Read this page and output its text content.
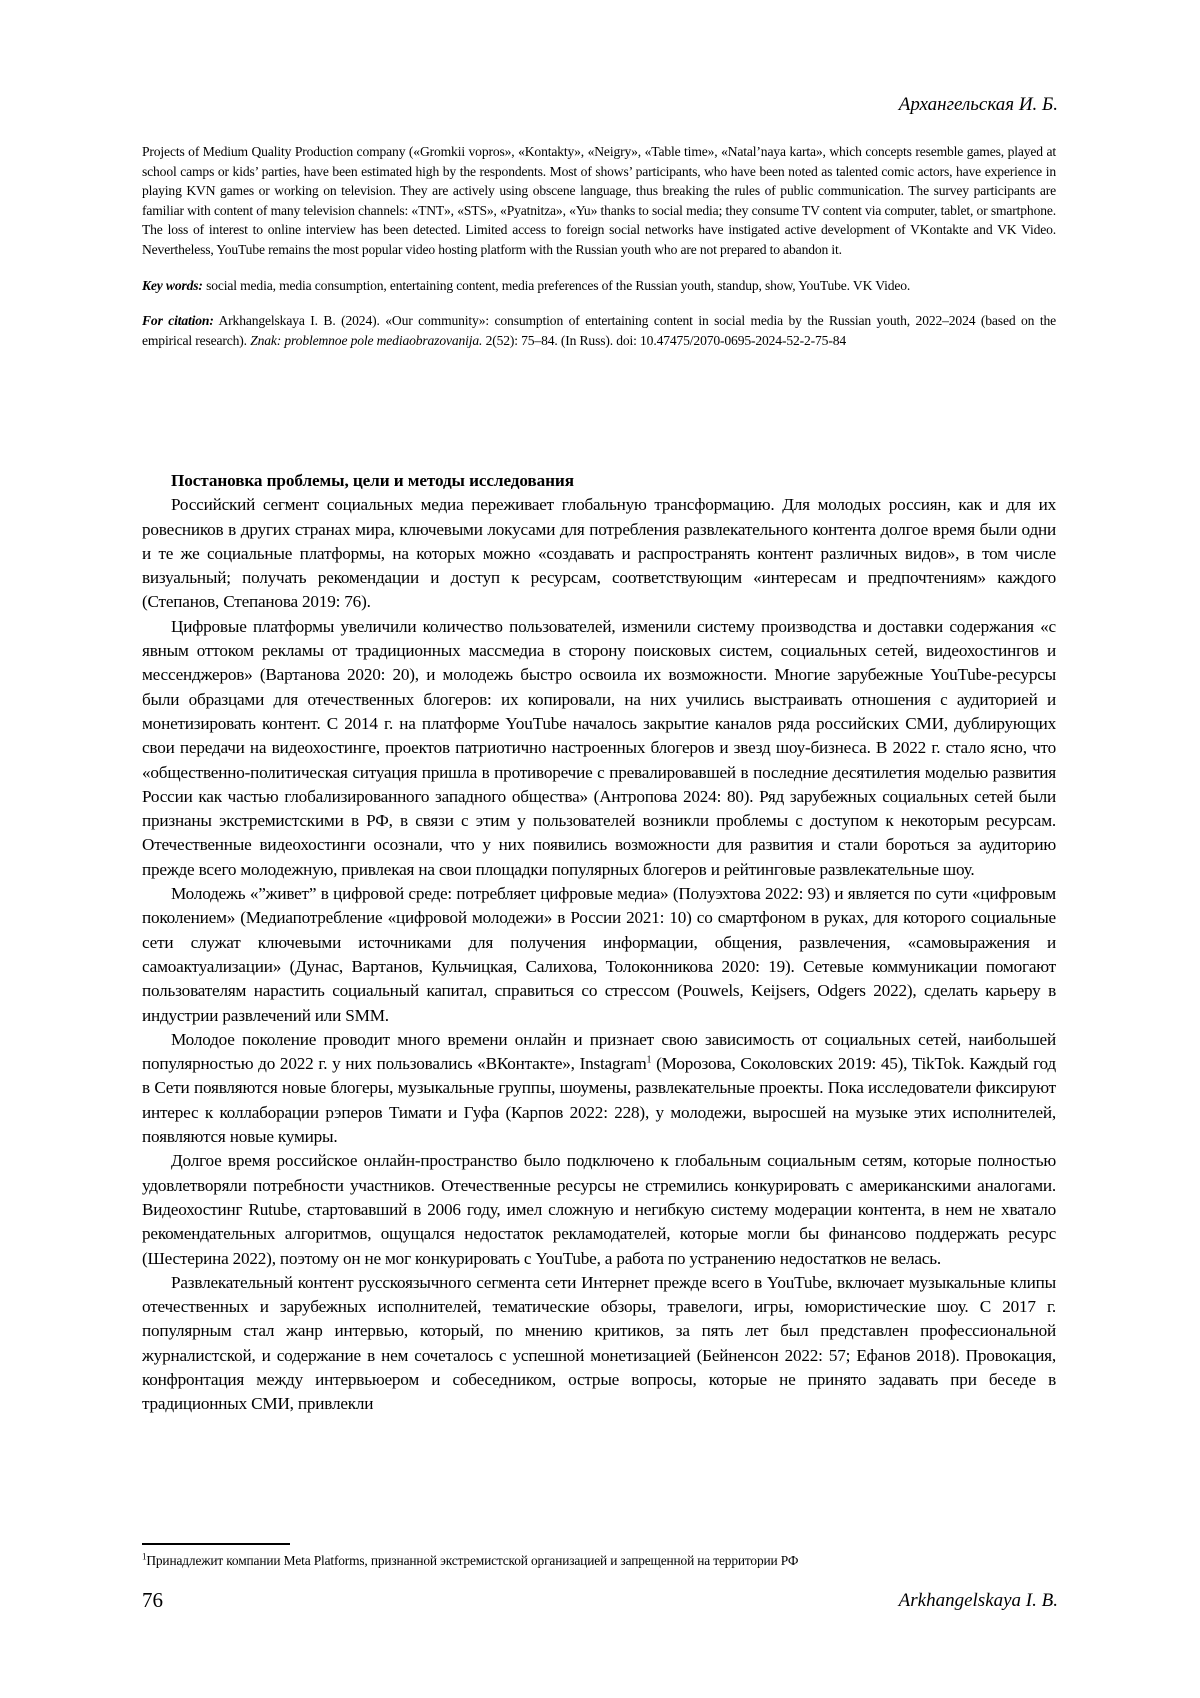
Архангельская И. Б.

Projects of Medium Quality Production company («Gromkii vopros», «Kontakty», «Neigry», «Table time», «Natal’naya karta», which concepts resemble games, played at school camps or kids’ parties, have been estimated high by the respondents. Most of shows’ participants, who have been noted as talented comic actors, have experience in playing KVN games or working on television. They are actively using obscene language, thus breaking the rules of public communication. The survey participants are familiar with content of many television channels: «TNT», «STS», «Pyatnitza», «Yu» thanks to social media; they consume TV content via computer, tablet, or smartphone. The loss of interest to online interview has been detected. Limited access to foreign social networks have instigated active development of VKontakte and VK Video. Nevertheless, YouTube remains the most popular video hosting platform with the Russian youth who are not prepared to abandon it.

Key words: social media, media consumption, entertaining content, media preferences of the Russian youth, standup, show, YouTube. VK Video.

For citation: Arkhangelskaya I. B. (2024). «Our community»: consumption of entertaining content in social media by the Russian youth, 2022–2024 (based on the empirical research). Znak: problemnoe pole mediaobrazovanija. 2(52): 75–84. (In Russ). doi: 10.47475/2070-0695-2024-52-2-75-84

Постановка проблемы, цели и методы исследования

Российский сегмент социальных медиа переживает глобальную трансформацию. Для молодых россиян, как и для их ровесников в других странах мира, ключевыми локусами для потребления развлекательного контента долгое время были одни и те же социальные платформы, на которых можно «создавать и распространять контент различных видов», в том числе визуальный; получать рекомендации и доступ к ресурсам, соответствующим «интересам и предпочтениям» каждого (Степанов, Степанова 2019: 76).

Цифровые платформы увеличили количество пользователей, изменили систему производства и доставки содержания «с явным оттоком рекламы от традиционных массмедиа в сторону поисковых систем, социальных сетей, видеохостингов и мессенджеров» (Вартанова 2020: 20), и молодежь быстро освоила их возможности. Многие зарубежные YouTube-ресурсы были образцами для отечественных блогеров: их копировали, на них учились выстраивать отношения с аудиторией и монетизировать контент. С 2014 г. на платформе YouTube началось закрытие каналов ряда российских СМИ, дублирующих свои передачи на видеохостинге, проектов патриотично настроенных блогеров и звезд шоу-бизнеса. В 2022 г. стало ясно, что «общественно-политическая ситуация пришла в противоречие с превалировавшей в последние десятилетия моделью развития России как частью глобализированного западного общества» (Антропова 2024: 80). Ряд зарубежных социальных сетей были признаны экстремистскими в РФ, в связи с этим у пользователей возникли проблемы с доступом к некоторым ресурсам. Отечественные видеохостинги осознали, что у них появились возможности для развития и стали бороться за аудиторию прежде всего молодежную, привлекая на свои площадки популярных блогеров и рейтинговые развлекательные шоу.

Молодежь «”живет” в цифровой среде: потребляет цифровые медиа» (Полуэхтова 2022: 93) и является по сути «цифровым поколением» (Медиапотребление «цифровой молодежи» в России 2021: 10) со смартфоном в руках, для которого социальные сети служат ключевыми источниками для получения информации, общения, развлечения, «самовыражения и самоактуализации» (Дунас, Вартанов, Кульчицкая, Салихова, Толоконникова 2020: 19). Сетевые коммуникации помогают пользователям нарастить социальный капитал, справиться со стрессом (Pouwels, Keijsers, Odgers 2022), сделать карьеру в индустрии развлечений или SMM.

Молодое поколение проводит много времени онлайн и признает свою зависимость от социальных сетей, наибольшей популярностью до 2022 г. у них пользовались «ВКонтакте», Instagram$^1$ (Морозова, Соколовских 2019: 45), TikTok. Каждый год в Сети появляются новые блогеры, музыкальные группы, шоумены, развлекательные проекты. Пока исследователи фиксируют интерес к коллаборации рэперов Тимати и Гуфа (Карпов 2022: 228), у молодежи, выросшей на музыке этих исполнителей, появляются новые кумиры.

Долгое время российское онлайн-пространство было подключено к глобальным социальным сетям, которые полностью удовлетворяли потребности участников. Отечественные ресурсы не стремились конкурировать с американскими аналогами. Видеохостинг Rutube, стартовавший в 2006 году, имел сложную и негибкую систему модерации контента, в нем не хватало рекомендательных алгоритмов, ощущался недостаток рекламодателей, которые могли бы финансово поддержать ресурс (Шестерина 2022), поэтому он не мог конкурировать с YouTube, а работа по устранению недостатков не велась.

Развлекательный контент русскоязычного сегмента сети Интернет прежде всего в YouTube, включает музыкальные клипы отечественных и зарубежных исполнителей, тематические обзоры, травелоги, игры, юмористические шоу. С 2017 г. популярным стал жанр интервью, который, по мнению критиков, за пять лет был представлен профессиональной журналистской, и содержание в нем сочеталось с успешной монетизацией (Бейненсон 2022: 57; Ефанов 2018). Провокация, конфронтация между интервьюером и собеседником, острые вопросы, которые не принято задавать при беседе в традиционных СМИ, привлекли

$^1$Принадлежит компании Meta Platforms, признанной экстремистской организацией и запрещенной на территории РФ
76	Arkhangelskaya I. B.
